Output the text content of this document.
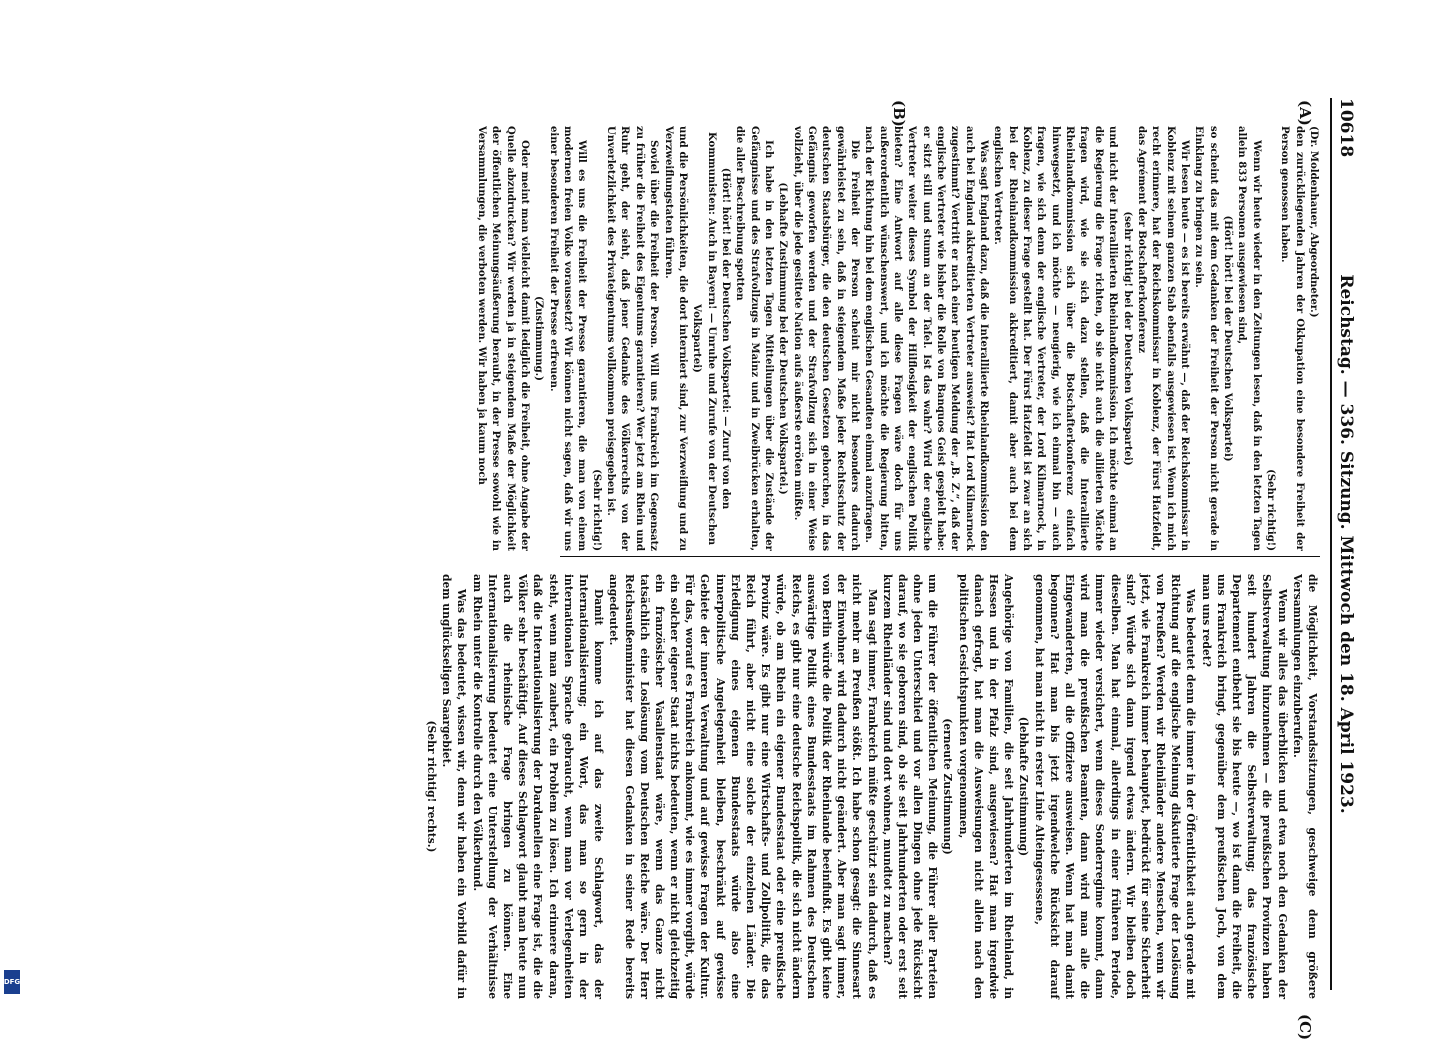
10618
Reichstag. — 336. Sitzung. Mittwoch den 18. April 1923.
(A)
(B)
(C)

(Dr. Moldenhauer, Abgeordneter.)

den zurückliegenden Jahren der Okkupation eine besondere Freiheit der Person genossen haben.

(Sehr richtig!)

Wenn wir heute wieder in den Zeitungen lesen, daß in den letzten Tagen allein 833 Personen ausgewiesen sind,

(Hört! hört! bei der Deutschen Volkspartei)

so scheint das mit dem Gedanken der Freiheit der Person nicht gerade in Einklang zu bringen zu sein.

Wir lesen heute — es ist bereits erwähnt —, daß der Reichskommissar in Koblenz mit seinem ganzen Stab ebenfalls ausgewiesen ist. Wenn ich mich recht erinnere, hat der Reichskommissar in Koblenz, der Fürst Hatzfeldt, das Agrément der Botschafterkonferenz

(sehr richtig! bei der Deutschen Volkspartei)

und nicht der Interalliierten Rheinlandkommission. Ich möchte einmal an die Regierung die Frage richten, ob sie nicht auch die alliierten Mächte fragen wird, wie sie sich dazu stellen, daß die Interalliierte Rheinlandkommission sich über die Botschafterkonferenz einfach hinwegsetzt, und ich möchte — neugierig, wie ich einmal bin — auch fragen, wie sich denn der englische Vertreter, der Lord Kilmarnock, in Koblenz, zu dieser Frage gestellt hat. Der Fürst Hatzfeldt ist zwar an sich bei der Rheinlandkommission akkreditiert, damit aber auch bei dem englischen Vertreter.

Was sagt England dazu, daß die Interalliierte Rheinlandkommission den auch bei England akkreditierten Vertreter ausweist? Hat Lord Kilmarnock zugestimmt? Vertritt er nach einer heutigen Meldung der „B. Z.“, daß der englische Vertreter wie bisher die Rolle von Banquos Geist gespielt habe: er sitzt still und stumm an der Tafel. Ist das wahr? Wird der englische Vertreter weiter dieses Symbol der Hilflosigkeit der englischen Politik bieten? Eine Antwort auf alle diese Fragen wäre doch für uns außerordentlich wünschenswert, und ich möchte die Regierung bitten, nach der Richtung hin bei dem englischen Gesandten einmal anzufragen.

Die Freiheit der Person scheint mir nicht besonders dadurch gewährleistet zu sein, daß in steigendem Maße jeder Rechtsschutz der deutschen Staatsbürger, die den deutschen Gesetzen gehorchen, in das Gefängnis geworfen werden und der Strafvollzug sich in einer Weise vollzieht, über die jede gesittete Nation aufs äußerste erröten müßte.

(Lebhafte Zustimmung bei der Deutschen Volkspartei.)

Ich habe in den letzten Tagen Mitteilungen über die Zustände der Gefängnisse und des Strafvollzugs in Mainz und in Zweibrücken erhalten, die aller Beschreibung spotten

(Hört! hört! bei der Deutschen Volkspartei: — Zuruf von den Kommunisten: Auch in Bayern! — Unruhe und Zurufe von der Deutschen Volkspartei)

und die Persönlichkeiten, die dort interniert sind, zur Verzweiflung und zu Verzweiflungstaten führen.

Soviel über die Freiheit der Person. Will uns Frankreich im Gegensatz zu früher die Freiheit des Eigentums garantieren? Wer jetzt am Rhein und Ruhr geht, der sieht, daß jener Gedanke des Völkerrechts von der Unverletzlichkeit des Privateigentums vollkommen preisgegeben ist.

(Sehr richtig!)

Will es uns die Freiheit der Presse garantieren, die man von einem modernen freien Volke voraussetzt? Wir können nicht sagen, daß wir uns einer besonderen Freiheit der Presse erfreuen.

(Zustimmung.)

Oder meint man vielleicht damit lediglich die Freiheit, ohne Angabe der Quelle abzudrucken? Wir werden ja in steigendem Maße der Möglichkeit der öffentlichen Meinungsäußerung beraubt, in der Presse sowohl wie in Versammlungen, die verboten werden. Wir haben ja kaum noch

die Möglichkeit, Vorstandssitzungen, geschweige denn größere Versammlungen einzuberufen.

Wenn wir alles das überblicken und etwa noch den Gedanken der Selbstverwaltung hinzunehmen — die preußischen Provinzen haben seit hundert Jahren die Selbstverwaltung; das französische Departement entbehrt sie bis heute —, wo ist dann die Freiheit, die uns Frankreich bringt, gegenüber dem preußischen Joch, von dem man uns redet?

Was bedeutet denn die immer in der Öffentlichkeit auch gerade mit Richtung auf die englische Meinung diskutierte Frage der Loslösung von Preußen? Werden wir Rheinländer andere Menschen, wenn wir jetzt, wie Frankreich immer behauptet, bedrückt für seine Sicherheit sind? Würde sich dann irgend etwas ändern. Wir bleiben doch dieselben. Man hat einmal, allerdings in einer früheren Periode, immer wieder versichert, wenn dieses Sonderregime kommt, dann wird man die preußischen Beamten, dann wird man alle die Eingewanderten, all die Offiziere ausweisen. Wenn hat man damit begonnen? Hat man bis jetzt irgendwelche Rücksicht darauf genommen, hat man nicht in erster Linie Alteingesessene,

(lebhafte Zustimmung)

Angehörige von Familien, die seit Jahrhunderten im Rheinland, in Hessen und in der Pfalz sind, ausgewiesen? Hat man irgendwie danach gefragt, hat man die Ausweisungen nicht allein nach den politischen Gesichtspunkten vorgenommen,

(erneute Zustimmung)

um die Führer der öffentlichen Meinung, die Führer aller Parteien ohne jeden Unterschied und vor allen Dingen ohne jede Rücksicht darauf, wo sie geboren sind, ob sie seit Jahrhunderten oder erst seit kurzem Rheinländer sind und dort wohnen, mundtot zu machen?

Man sagt immer, Frankreich müßte geschützt sein dadurch, daß es nicht mehr an Preußen stößt. Ich habe schon gesagt: die Sinnesart der Einwohner wird dadurch nicht geändert. Aber man sagt immer, von Berlin würde die Politik der Rheinlande beeinflußt. Es gibt keine auswärtige Politik eines Bundesstaats im Rahmen des Deutschen Reichs, es gibt nur eine deutsche Reichspolitik, die sich nicht ändern würde, ob am Rhein ein eigener Bundesstaat oder eine preußische Provinz wäre. Es gibt nur eine Wirtschafts- und Zollpolitik, die das Reich führt, aber nicht eine solche der einzelnen Länder. Die Erledigung eines eigenen Bundesstaats würde also eine innerpolitische Angelegenheit bleiben, beschränkt auf gewisse Gebiete der inneren Verwaltung und auf gewisse Fragen der Kultur. Für das, worauf es Frankreich ankommt, wie es immer vorgibt, würde ein solcher eigener Staat nichts bedeuten, wenn er nicht gleichzeitig ein französischer Vasallenstaat wäre, wenn das Ganze nicht tatsächlich eine Loslösung vom Deutschen Reiche wäre. Der Herr Reichsaußenminister hat diesen Gedanken in seiner Rede bereits angedeutet.

Damit komme ich auf das zweite Schlagwort, das der Internationalisierung; ein Wort, das man so gern in der internationalen Sprache gebraucht, wenn man vor Verlegenheiten steht, wenn man zaubert, ein Problem zu lösen. Ich erinnere daran, daß die Internationalisierung der Dardanellen eine Frage ist, die die Völker sehr beschäftigt. Auf dieses Schlagwort glaubt man heute nun auch die rheinische Frage bringen zu können. Eine Internationalisierung bedeutet eine Unterstellung der Verhältnisse am Rhein unter die Kontrolle durch den Völkerbund.

Was das bedeutet, wissen wir, denn wir haben ein Vorbild dafür in dem unglückseligen Saargebiet.

(Sehr richtig! rechts.)

DFG
